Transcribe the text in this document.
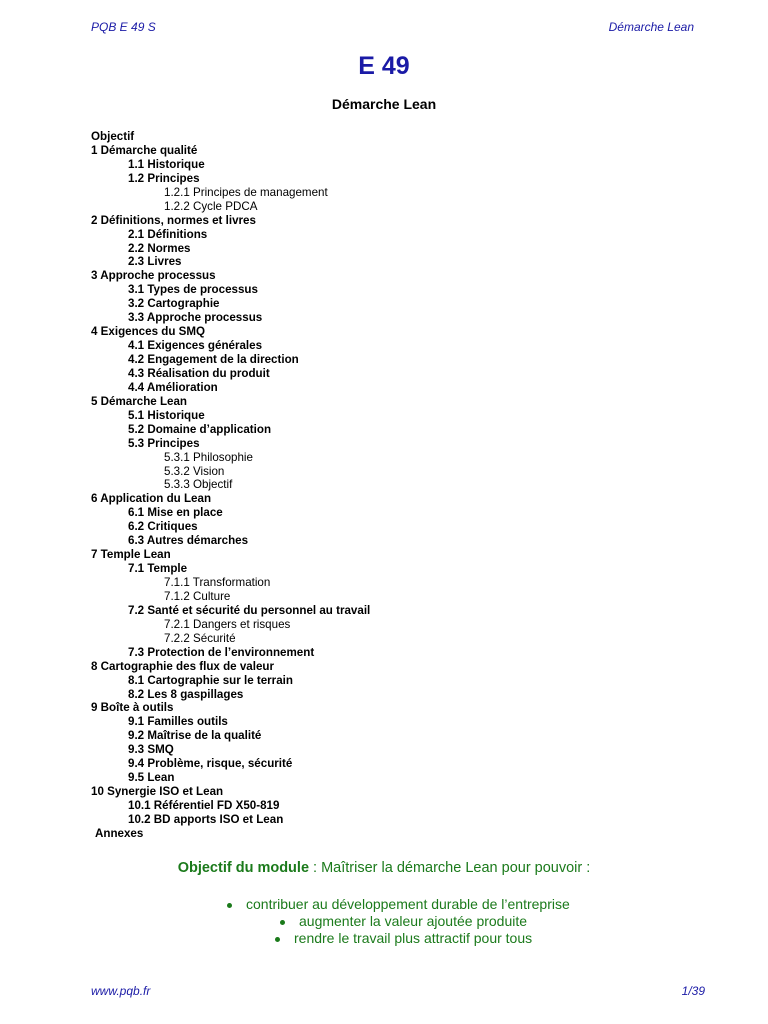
PQB E 49 S	Démarche Lean
E 49
Démarche Lean
Objectif
1 Démarche qualité
1.1 Historique
1.2 Principes
1.2.1 Principes de management
1.2.2 Cycle PDCA
2 Définitions, normes et livres
2.1 Définitions
2.2 Normes
2.3 Livres
3 Approche processus
3.1 Types de processus
3.2 Cartographie
3.3 Approche processus
4 Exigences du SMQ
4.1 Exigences générales
4.2 Engagement de la direction
4.3 Réalisation du produit
4.4 Amélioration
5 Démarche Lean
5.1 Historique
5.2 Domaine d’application
5.3 Principes
5.3.1 Philosophie
5.3.2 Vision
5.3.3 Objectif
6 Application du Lean
6.1 Mise en place
6.2 Critiques
6.3 Autres démarches
7 Temple Lean
7.1 Temple
7.1.1 Transformation
7.1.2 Culture
7.2 Santé et sécurité du personnel au travail
7.2.1 Dangers et risques
7.2.2 Sécurité
7.3 Protection de l’environnement
8 Cartographie des flux de valeur
8.1 Cartographie sur le terrain
8.2 Les 8 gaspillages
9 Boîte à outils
9.1 Familles outils
9.2 Maîtrise de la qualité
9.3 SMQ
9.4 Problème, risque, sécurité
9.5 Lean
10 Synergie ISO et Lean
10.1 Référentiel FD X50-819
10.2 BD apports ISO et Lean
Annexes
Objectif du module : Maîtriser la démarche Lean pour pouvoir :
contribuer au développement durable de l’entreprise
augmenter la valeur ajoutée produite
rendre le travail plus attractif pour tous
www.pqb.fr	1/39
